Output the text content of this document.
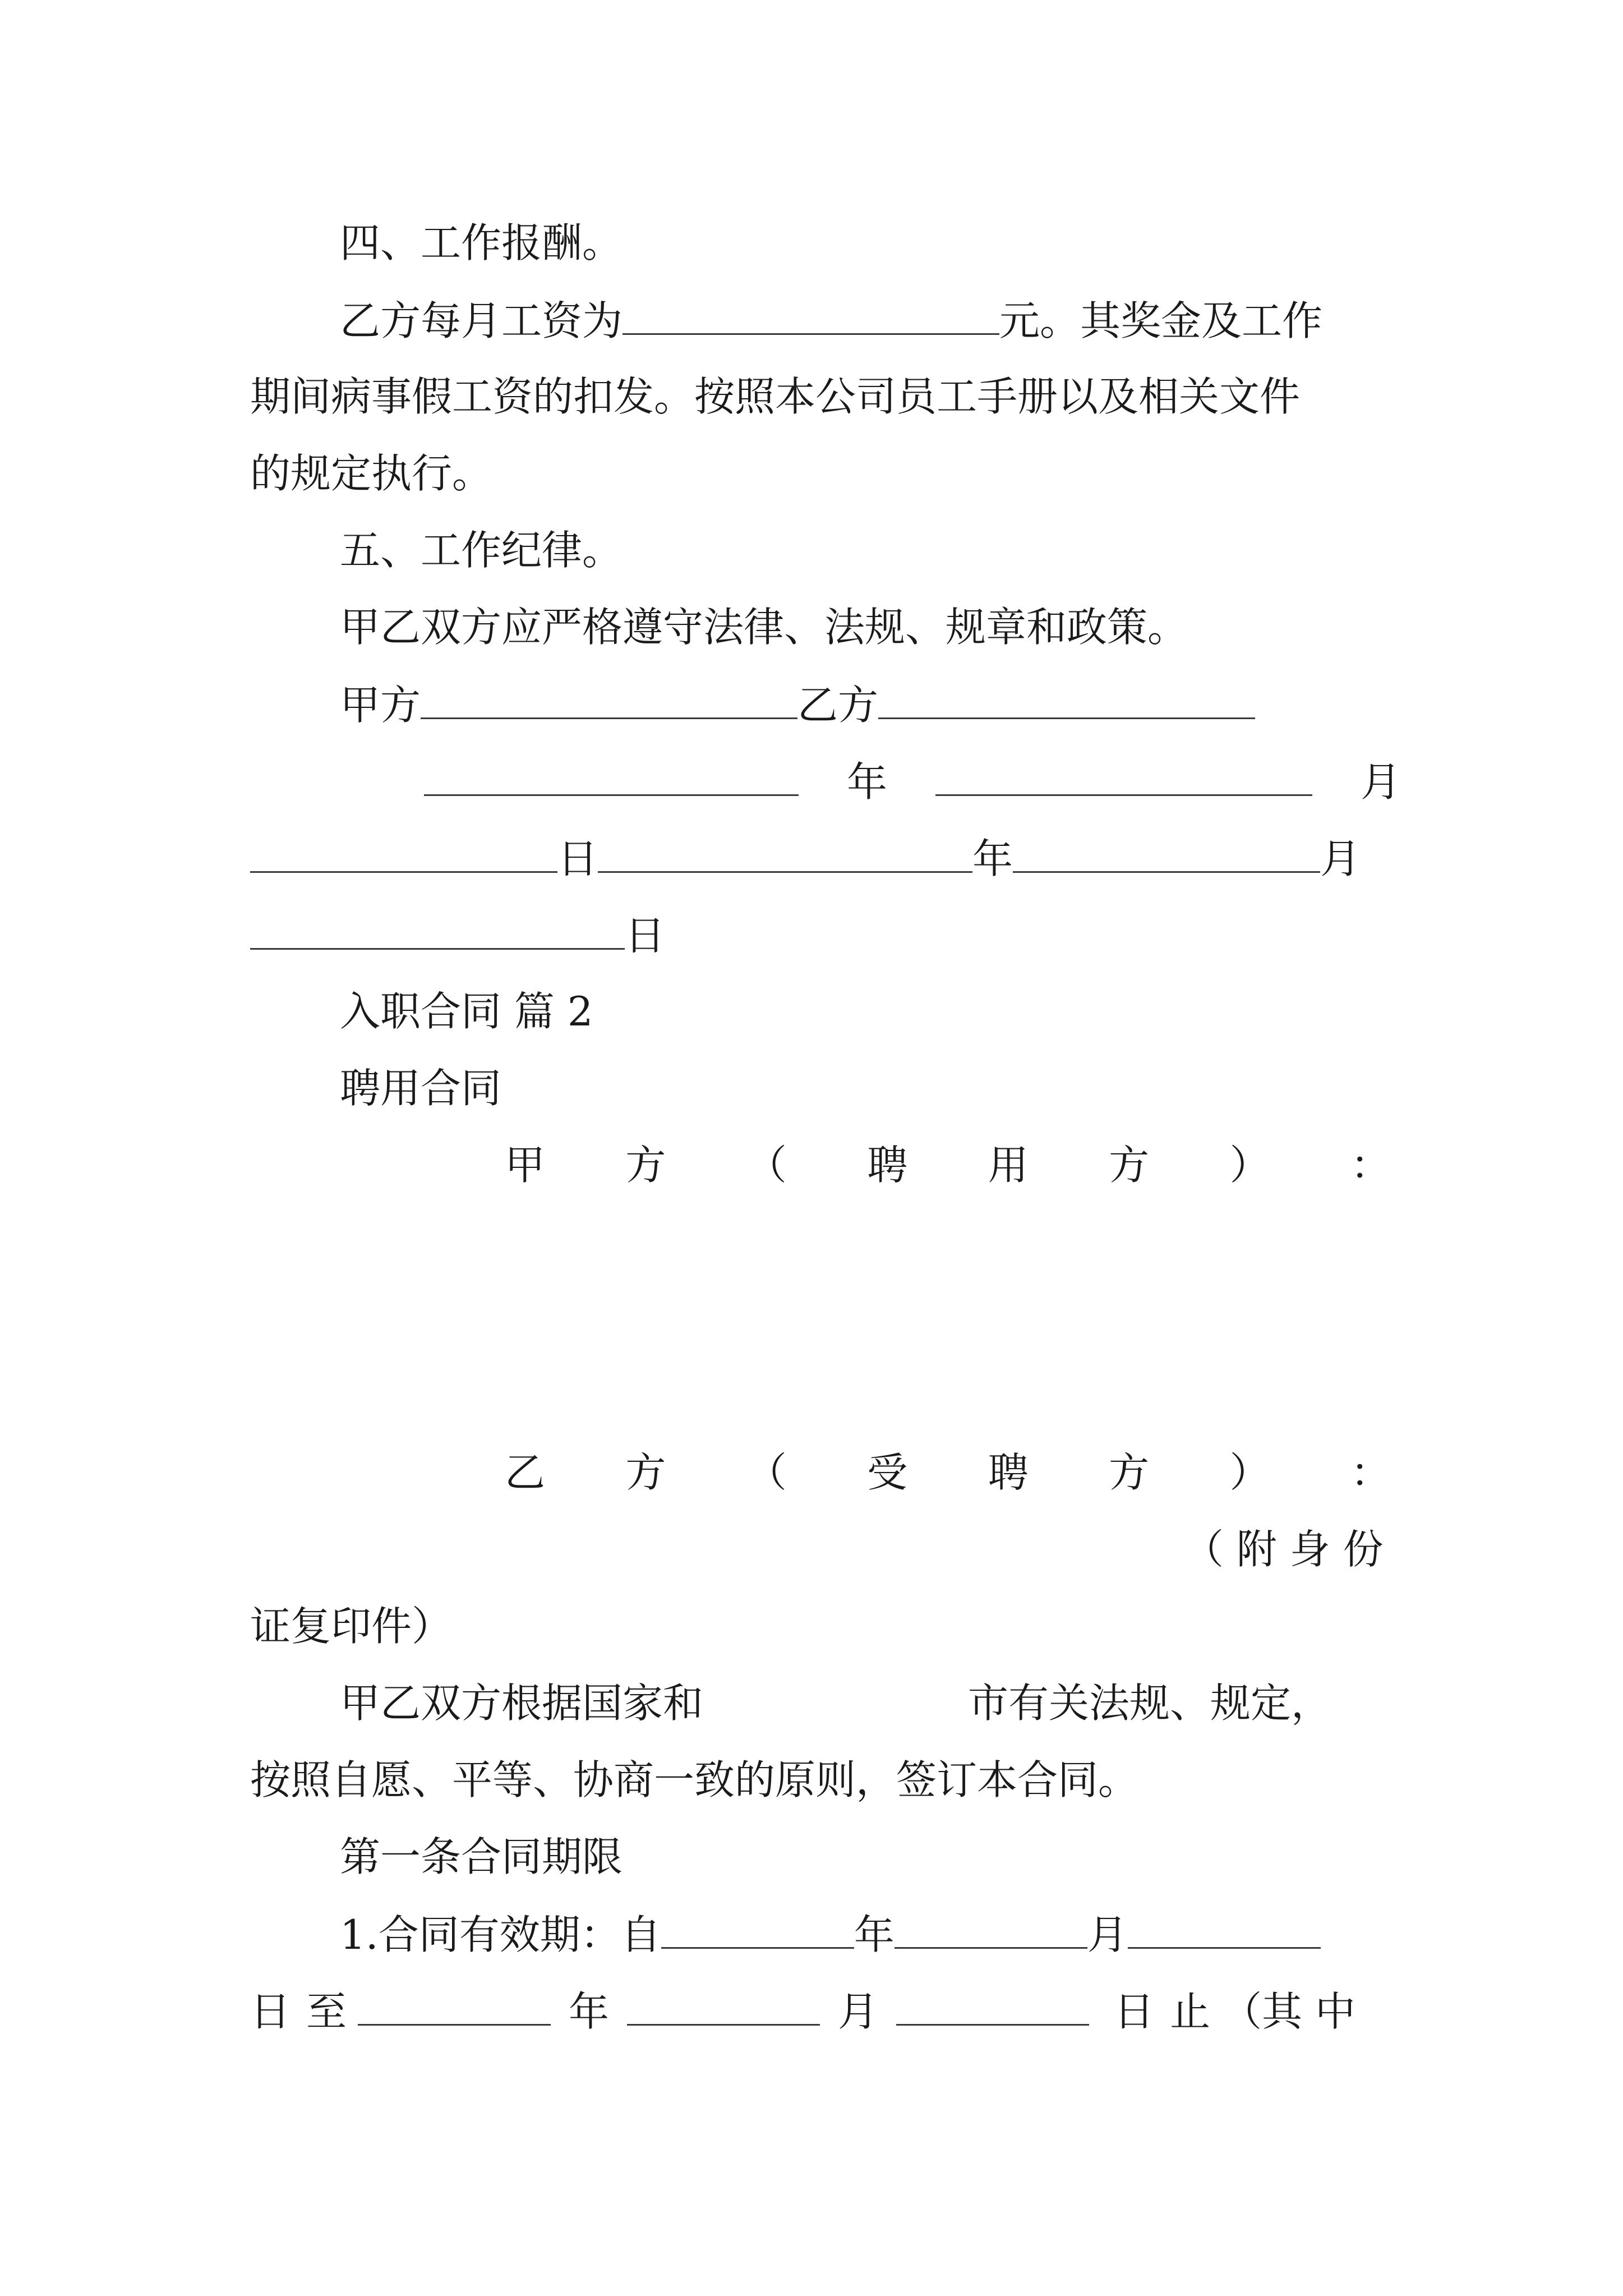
四、工作报酬。
乙方每月工资为	元。其奖金及工作
期间病事假工资的扣发。按照本公司员工手册以及相关文件
的规定执行。
五、工作纪律。
甲乙双方应严格遵守法律、法规、规章和政策。
甲方	乙方
年	月
日	年	月
日
入职合同 篇 2
聘用合同
甲 方 （ 聘 用 方 ） ：
乙 方 （ 受 聘 方 ） ：
（ 附 身 份
证复印件）
甲乙双方根据国家和	市有关法规、规定，
按照自愿、平等、协商一致的原则，签订本合同。
第一条合同期限
1.合同有效期：自	年	月
日 至	年	月	日 止 （其 中
